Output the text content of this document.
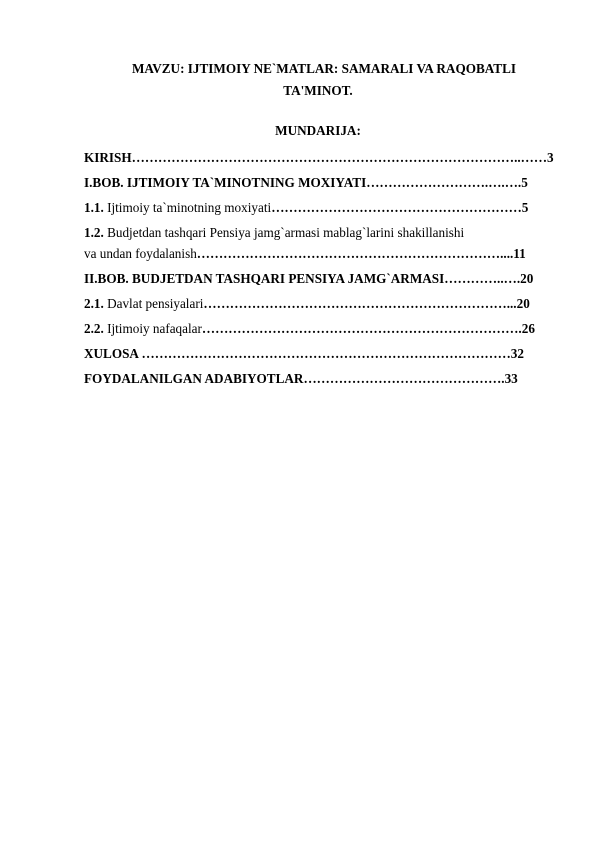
MAVZU: IJTIMOIY NE`MATLAR: SAMARALI VA RAQOBATLI
TA'MINOT.
MUNDARIJA:
KIRISH……………………………………………………………………………..……3
I.BOB. IJTIMOIY TA`MINOTNING MOXIYATI……………………….….….5
1.1. Ijtimoiy ta`minotning moxiyati…………………………………………………5
1.2. Budjetdan tashqari Pensiya jamg`armasi mablag`larini shakillanishi
va undan foydalanish……………………………………………………………....11
II.BOB. BUDJETDAN TASHQARI PENSIYA JAMG`ARMASI…………..….20
2.1. Davlat pensiyalari……………………………………………………………...20
2.2. Ijtimoiy nafaqalar……………………………………………………………….26
XULOSA …………………………………………………………………………32
FOYDALANILGAN ADABIYOTLAR……………………………………….33
